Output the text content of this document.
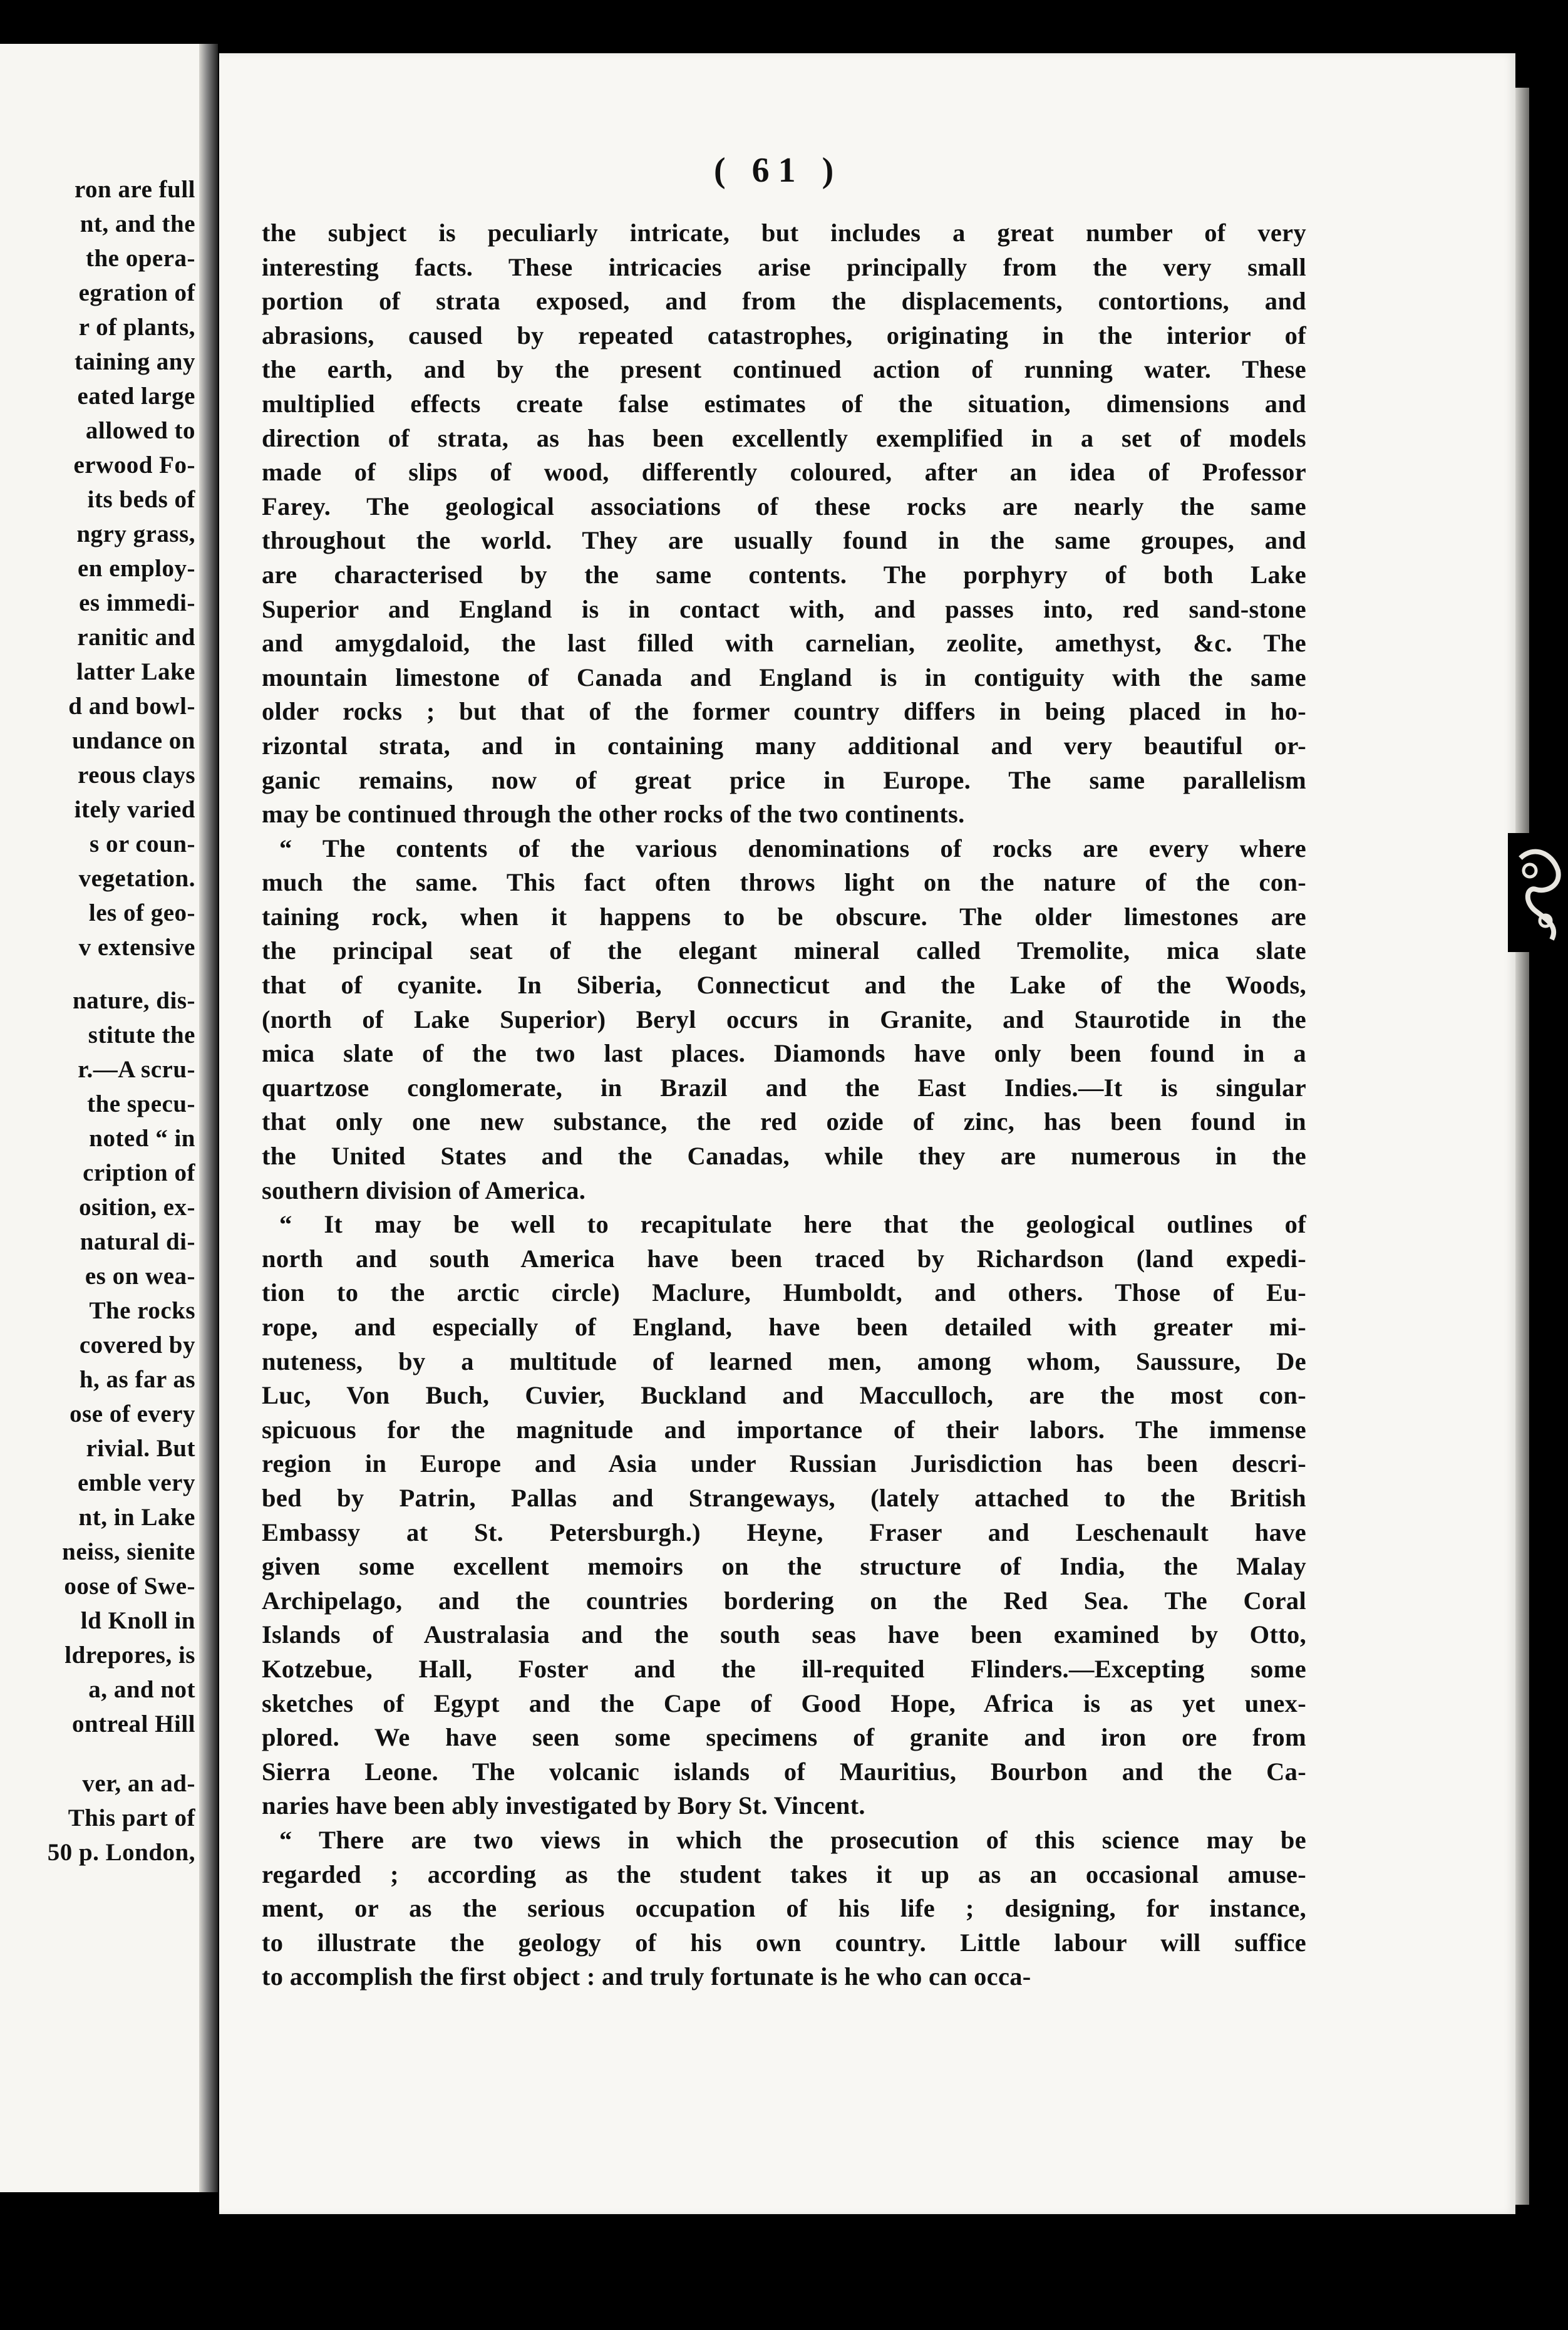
ron are full
nt, and the
the opera-
egration of
r of plants,
taining any
eated large
allowed to
erwood Fo-
its beds of
ngry grass,
en employ-
es immedi-
ranitic and
latter Lake
d and bowl-
undance on
reous clays
itely varied
s or coun-
vegetation.
les of geo-
v extensive
nature, dis-
stitute the
r.—A scru-
the specu-
noted “ in
cription of
osition, ex-
natural di-
es on wea-
The rocks
covered by
h, as far as
ose of every
rivial. But
emble very
nt, in Lake
neiss, sienite
oose of Swe-
ld Knoll in
ldrepores, is
a, and not
ontreal Hill
ver, an ad-
This part of
50 p. London,
( 61 )
the subject is peculiarly intricate, but includes a great number of very
interesting facts. These intricacies arise principally from the very small
portion of strata exposed, and from the displacements, contortions, and
abrasions, caused by repeated catastrophes, originating in the interior of
the earth, and by the present continued action of running water. These
multiplied effects create false estimates of the situation, dimensions and
direction of strata, as has been excellently exemplified in a set of models
made of slips of wood, differently coloured, after an idea of Professor
Farey. The geological associations of these rocks are nearly the same
throughout the world. They are usually found in the same groupes, and
are characterised by the same contents. The porphyry of both Lake
Superior and England is in contact with, and passes into, red sand-stone
and amygdaloid, the last filled with carnelian, zeolite, amethyst, &c. The
mountain limestone of Canada and England is in contiguity with the same
older rocks ; but that of the former country differs in being placed in ho-
rizontal strata, and in containing many additional and very beautiful or-
ganic remains, now of great price in Europe. The same parallelism
may be continued through the other rocks of the two continents.
“ The contents of the various denominations of rocks are every where
much the same. This fact often throws light on the nature of the con-
taining rock, when it happens to be obscure. The older limestones are
the principal seat of the elegant mineral called Tremolite, mica slate
that of cyanite. In Siberia, Connecticut and the Lake of the Woods,
(north of Lake Superior) Beryl occurs in Granite, and Staurotide in the
mica slate of the two last places. Diamonds have only been found in a
quartzose conglomerate, in Brazil and the East Indies.—It is singular
that only one new substance, the red ozide of zinc, has been found in
the United States and the Canadas, while they are numerous in the
southern division of America.
“ It may be well to recapitulate here that the geological outlines of
north and south America have been traced by Richardson (land expedi-
tion to the arctic circle) Maclure, Humboldt, and others. Those of Eu-
rope, and especially of England, have been detailed with greater mi-
nuteness, by a multitude of learned men, among whom, Saussure, De
Luc, Von Buch, Cuvier, Buckland and Macculloch, are the most con-
spicuous for the magnitude and importance of their labors. The immense
region in Europe and Asia under Russian Jurisdiction has been descri-
bed by Patrin, Pallas and Strangeways, (lately attached to the British
Embassy at St. Petersburgh.) Heyne, Fraser and Leschenault have
given some excellent memoirs on the structure of India, the Malay
Archipelago, and the countries bordering on the Red Sea. The Coral
Islands of Australasia and the south seas have been examined by Otto,
Kotzebue, Hall, Foster and the ill-requited Flinders.—Excepting some
sketches of Egypt and the Cape of Good Hope, Africa is as yet unex-
plored. We have seen some specimens of granite and iron ore from
Sierra Leone. The volcanic islands of Mauritius, Bourbon and the Ca-
naries have been ably investigated by Bory St. Vincent.
“ There are two views in which the prosecution of this science may be
regarded ; according as the student takes it up as an occasional amuse-
ment, or as the serious occupation of his life ; designing, for instance,
to illustrate the geology of his own country. Little labour will suffice
to accomplish the first object : and truly fortunate is he who can occa-
